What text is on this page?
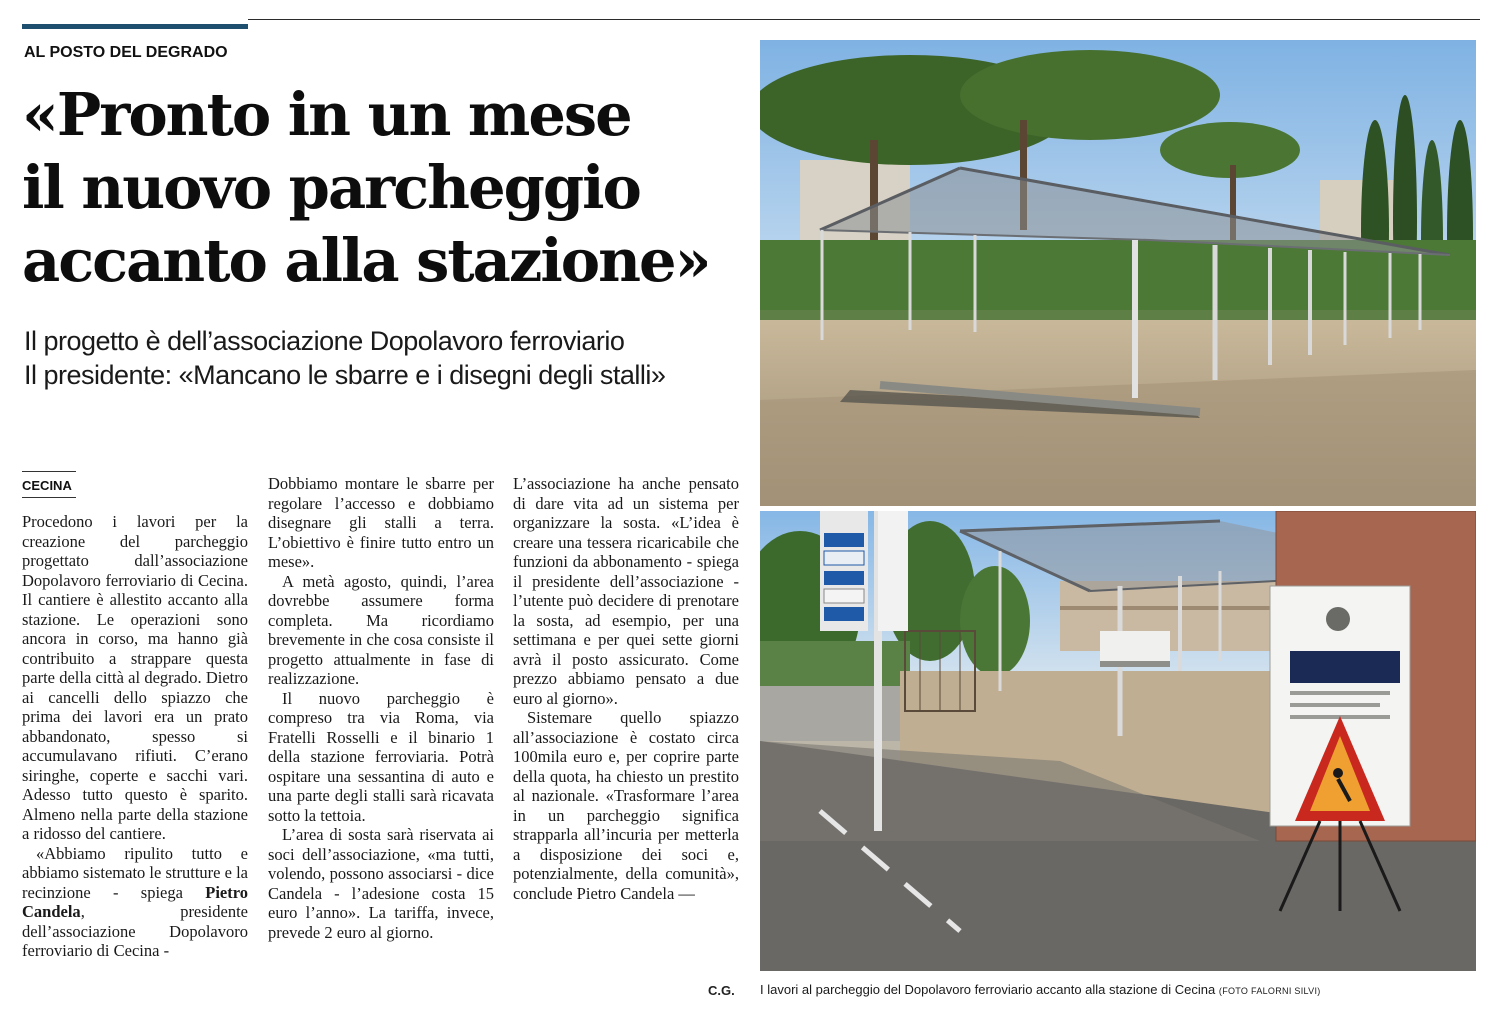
AL POSTO DEL DEGRADO
«Pronto in un mese
il nuovo parcheggio
accanto alla stazione»
Il progetto è dell’associazione Dopolavoro ferroviario
Il presidente: «Mancano le sbarre e i disegni degli stalli»
CECINA

Procedono i lavori per la creazione del parcheggio progettato dall’associazione Dopolavoro ferroviario di Cecina. Il cantiere è allestito accanto alla stazione. Le operazioni sono ancora in corso, ma hanno già contribuito a strappare questa parte della città al degrado. Dietro ai cancelli dello spiazzo che prima dei lavori era un prato abbandonato, spesso si accumulavano rifiuti. C’erano siringhe, coperte e sacchi vari. Adesso tutto questo è sparito. Almeno nella parte della stazione a ridosso del cantiere.

«Abbiamo ripulito tutto e abbiamo sistemato le strutture e la recinzione - spiega Pietro Candela, presidente dell’associazione Dopolavoro ferroviario di Cecina -

Dobbiamo montare le sbarre per regolare l’accesso e dobbiamo disegnare gli stalli a terra. L’obiettivo è finire tutto entro un mese».

A metà agosto, quindi, l’area dovrebbe assumere forma completa. Ma ricordiamo brevemente in che cosa consiste il progetto attualmente in fase di realizzazione.

Il nuovo parcheggio è compreso tra via Roma, via Fratelli Rosselli e il binario 1 della stazione ferroviaria. Potrà ospitare una sessantina di auto e una parte degli stalli sarà ricavata sotto la tettoia.

L’area di sosta sarà riservata ai soci dell’associazione, «ma tutti, volendo, possono associarsi - dice Candela - l’adesione costa 15 euro l’anno». La tariffa, invece, prevede 2 euro al giorno.

L’associazione ha anche pensato di dare vita ad un sistema per organizzare la sosta. «L’idea è creare una tessera ricaricabile che funzioni da abbonamento - spiega il presidente dell’associazione - l’utente può decidere di prenotare la sosta, ad esempio, per una settimana e per quei sette giorni avrà il posto assicurato. Come prezzo abbiamo pensato a due euro al giorno».

Sistemare quello spiazzo all’associazione è costato circa 100mila euro e, per coprire parte della quota, ha chiesto un prestito al nazionale. «Trasformare l’area in un parcheggio significa strapparla all’incuria per metterla a disposizione dei soci e, potenzialmente, della comunità», conclude Pietro Candela —

C.G. I lavori al parcheggio del Dopolavoro ferroviario accanto alla stazione di Cecina (FOTO FALORNI SILVI)
